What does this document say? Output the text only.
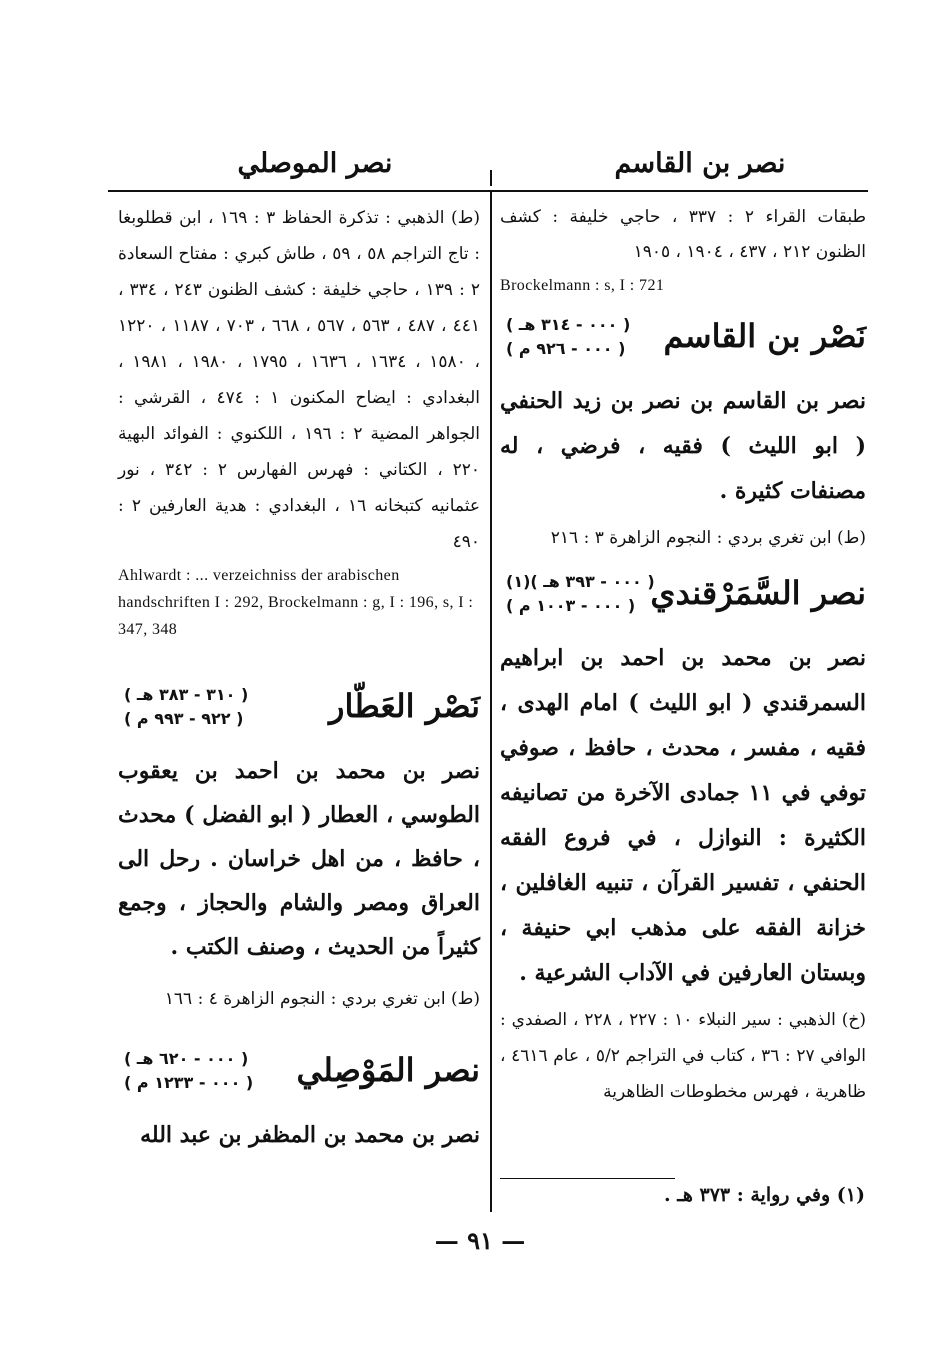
نصر بن القاسم
نصر الموصلي

طبقات القراء ٢ : ٣٣٧ ، حاجي خليفة : كشف الظنون ٢١٢ ، ٤٣٧ ، ١٩٠٤ ، ١٩٠٥

Brockelmann : s, I : 721

نَصْر بن القاسم
( ٠٠٠ - ٣١٤ هـ )
( ٠٠٠ - ٩٢٦ م )

نصر بن القاسم بن نصر بن زيد الحنفي ( ابو الليث ) فقيه ، فرضي ، له مصنفات كثيرة .

(ط) ابن تغري بردي : النجوم الزاهرة ٣ : ٢١٦

نصر السَّمَرْقندي
(١)( ٠٠٠ - ٣٩٣ هـ )
( ٠٠٠ - ١٠٠٣ م )

نصر بن محمد بن احمد بن ابراهيم السمرقندي ( ابو الليث ) امام الهدى ، فقيه ، مفسر ، محدث ، حافظ ، صوفي توفي في ١١ جمادى الآخرة من تصانيفه الكثيرة : النوازل ، في فروع الفقه الحنفي ، تفسير القرآن ، تنبيه الغافلين ، خزانة الفقه على مذهب ابي حنيفة ، وبستان العارفين في الآداب الشرعية .

(خ) الذهبي : سير النبلاء ١٠ : ٢٢٧ ، ٢٢٨ ، الصفدي : الوافي ٢٧ : ٣٦ ، كتاب في التراجم ٥/٢ ، عام ٤٦١٦ ، ظاهرية ، فهرس مخطوطات الظاهرية

(١) وفي رواية : ٣٧٣ هـ .

(ط) الذهبي : تذكرة الحفاظ ٣ : ١٦٩ ، ابن قطلوبغا : تاج التراجم ٥٨ ، ٥٩ ، طاش كبري : مفتاح السعادة ٢ : ١٣٩ ، حاجي خليفة : كشف الظنون ٢٤٣ ، ٣٣٤ ، ٤٤١ ، ٤٨٧ ، ٥٦٣ ، ٥٦٧ ، ٦٦٨ ، ٧٠٣ ، ١١٨٧ ، ١٢٢٠ ، ١٥٨٠ ، ١٦٣٤ ، ١٦٣٦ ، ١٧٩٥ ، ١٩٨٠ ، ١٩٨١ ، البغدادي : ايضاح المكنون ١ : ٤٧٤ ، القرشي : الجواهر المضية ٢ : ١٩٦ ، اللكنوي : الفوائد البهية ٢٢٠ ، الكتاني : فهرس الفهارس ٢ : ٣٤٢ ، نور عثمانيه كتبخانه ١٦ ، البغدادي : هدية العارفين ٢ : ٤٩٠

Ahlwardt : ... verzeichniss der arabischen handschriften I : 292, Brockelmann : g, I : 196, s, I : 347, 348

نَصْر العَطّار
( ٣١٠ - ٣٨٣ هـ )
( ٩٢٢ - ٩٩٣ م )

نصر بن محمد بن احمد بن يعقوب الطوسي ، العطار ( ابو الفضل ) محدث ، حافظ ، من اهل خراسان . رحل الى العراق ومصر والشام والحجاز ، وجمع كثيراً من الحديث ، وصنف الكتب .

(ط) ابن تغري بردي : النجوم الزاهرة ٤ : ١٦٦

نصر المَوْصِلي
( ٠٠٠ - ٦٢٠ هـ )
( ٠٠٠ - ١٢٣٣ م )

نصر بن محمد بن المظفر بن عبد الله

— ٩١ —
